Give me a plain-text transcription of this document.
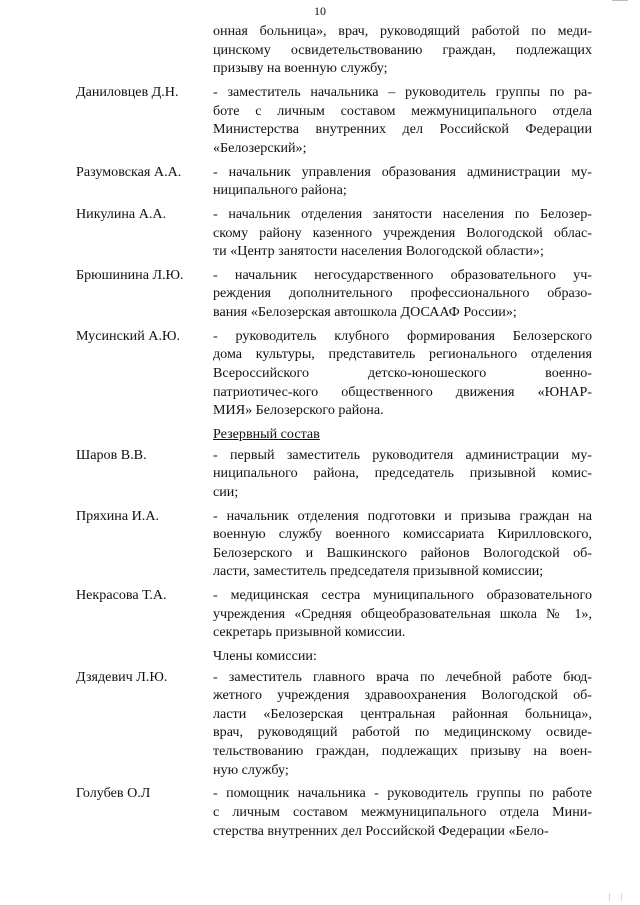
10
онная больница», врач, руководящий работой по меди-
цинскому освидетельствованию граждан, подлежащих
призыву на военную службу;
Даниловцев Д.Н.	- заместитель начальника – руководитель группы по ра-
боте с личным составом межмуниципального отдела
Министерства внутренних дел Российской Федерации
«Белозерский»;
Разумовская А.А.	- начальник управления образования администрации му-
ниципального района;
Никулина А.А.	- начальник отделения занятости населения по Белозер-
скому району казенного учреждения Вологодской облас-
ти «Центр занятости населения Вологодской области»;
Брюшинина Л.Ю.	- начальник негосударственного образовательного уч-
реждения дополнительного профессионального образо-
вания «Белозерская автошкола ДОСААФ России»;
Мусинский А.Ю.	- руководитель клубного формирования Белозерского
дома культуры, представитель регионального отделения
Всероссийского детско-юношеского военно-
патриотичес-кого общественного движения «ЮНАР-
МИЯ» Белозерского района.
Резервный состав
Шаров В.В.	- первый заместитель руководителя администрации му-
ниципального района, председатель призывной комис-
сии;
Пряхина И.А.	- начальник отделения подготовки и призыва граждан на
военную службу военного комиссариата Кирилловского,
Белозерского и Вашкинского районов Вологодской об-
ласти, заместитель председателя призывной комиссии;
Некрасова Т.А.	- медицинская сестра муниципального образовательного
учреждения «Средняя общеобразовательная школа № 1»,
секретарь призывной комиссии.
Члены комиссии:
Дзядевич Л.Ю.	- заместитель главного врача по лечебной работе бюд-
жетного учреждения здравоохранения Вологодской об-
ласти «Белозерская центральная районная больница»,
врач, руководящий работой по медицинскому освиде-
тельствованию граждан, подлежащих призыву на воен-
ную службу;
Голубев О.Л	- помощник начальника - руководитель группы по работе
с личным составом межмуниципального отдела Мини-
стерства внутренних дел Российской Федерации «Бело-
| |
